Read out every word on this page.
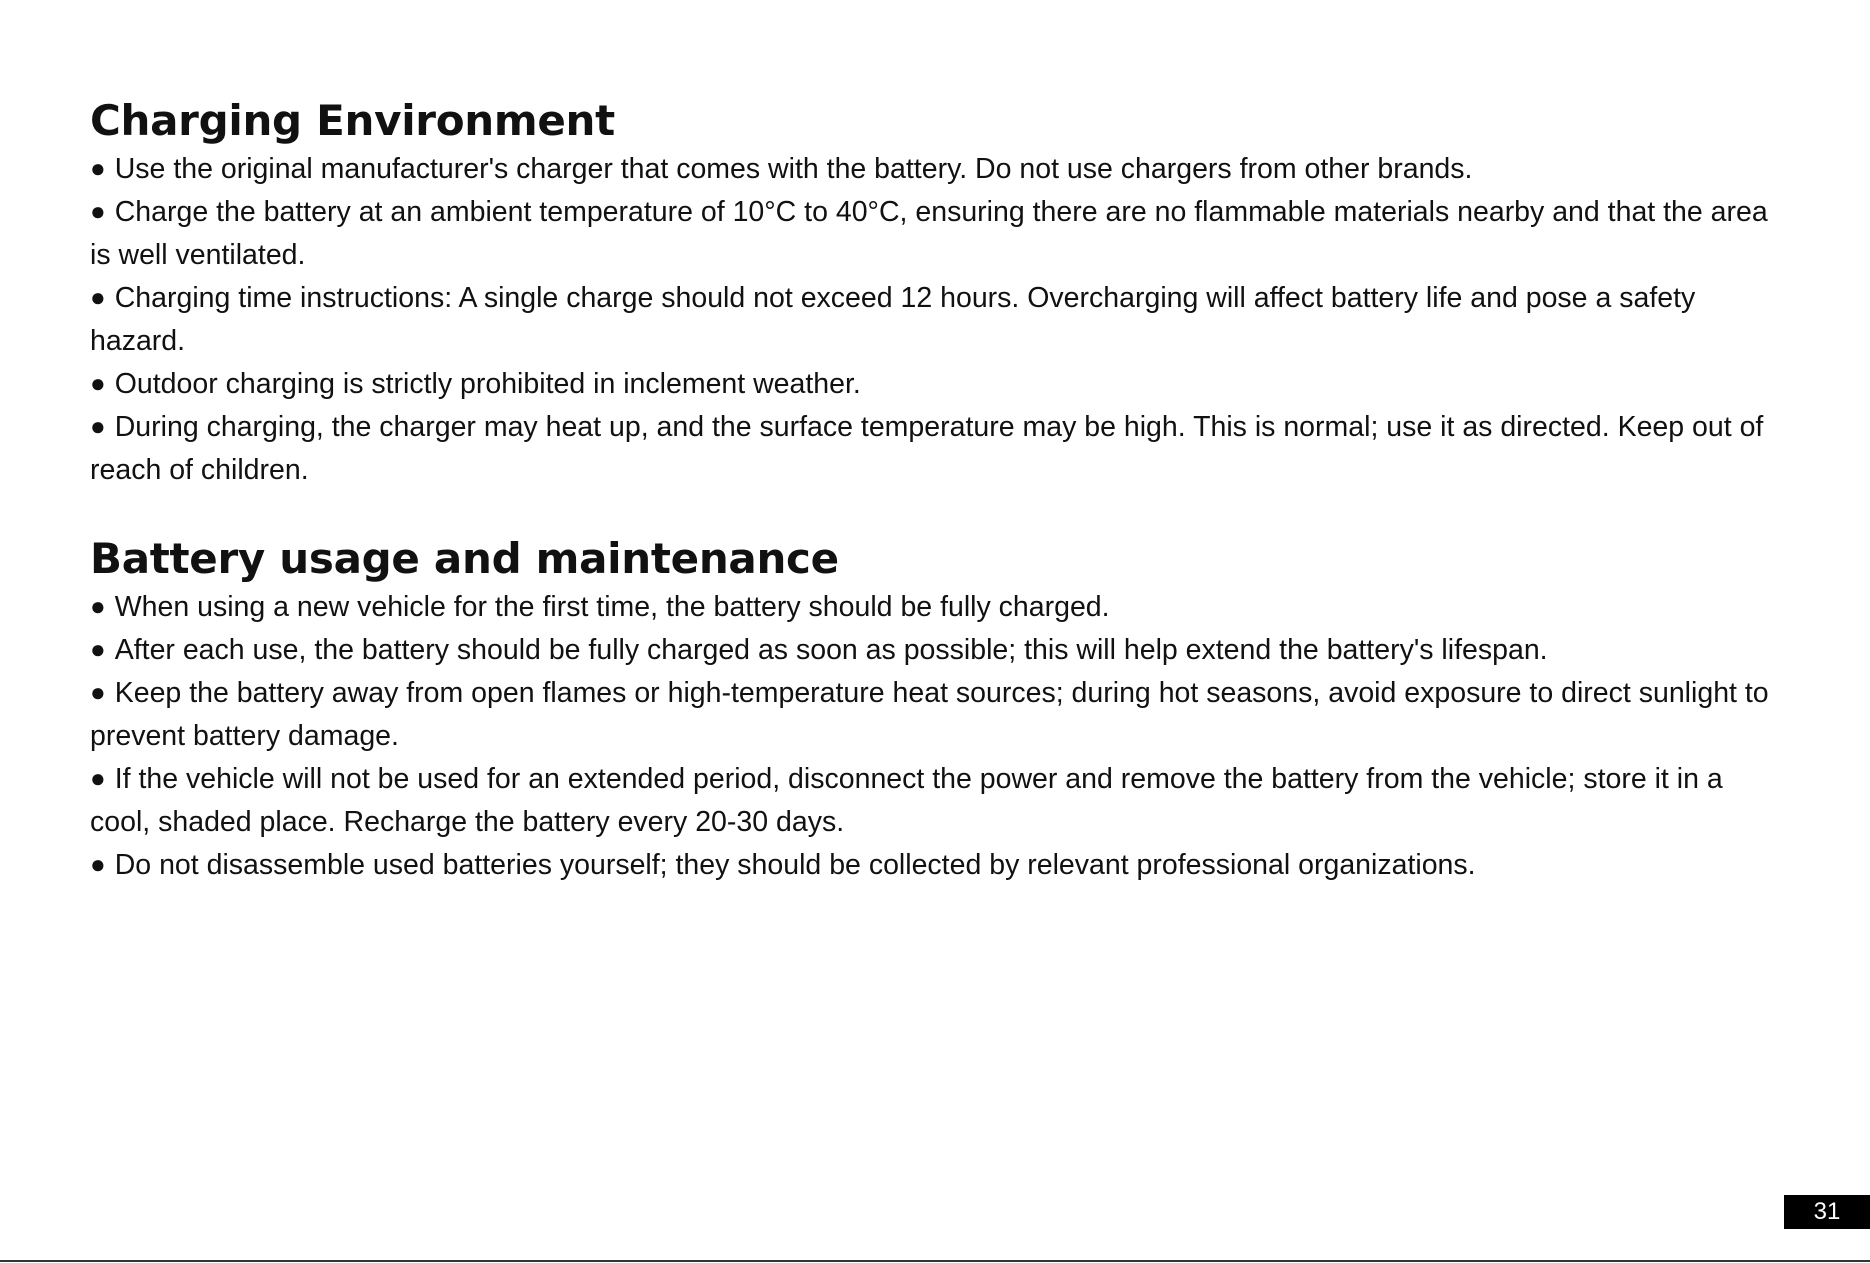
Charging Environment
● Use the original manufacturer's charger that comes with the battery. Do not use chargers from other brands.
● Charge the battery at an ambient temperature of 10°C to 40°C, ensuring there are no flammable materials nearby and that the area is well ventilated.
● Charging time instructions: A single charge should not exceed 12 hours. Overcharging will affect battery life and pose a safety hazard.
● Outdoor charging is strictly prohibited in inclement weather.
● During charging, the charger may heat up, and the surface temperature may be high. This is normal; use it as directed. Keep out of reach of children.
Battery usage and maintenance
● When using a new vehicle for the first time, the battery should be fully charged.
● After each use, the battery should be fully charged as soon as possible; this will help extend the battery's lifespan.
● Keep the battery away from open flames or high-temperature heat sources; during hot seasons, avoid exposure to direct sunlight to prevent battery damage.
● If the vehicle will not be used for an extended period, disconnect the power and remove the battery from the vehicle; store it in a cool, shaded place. Recharge the battery every 20-30 days.
● Do not disassemble used batteries yourself; they should be collected by relevant professional organizations.
31
